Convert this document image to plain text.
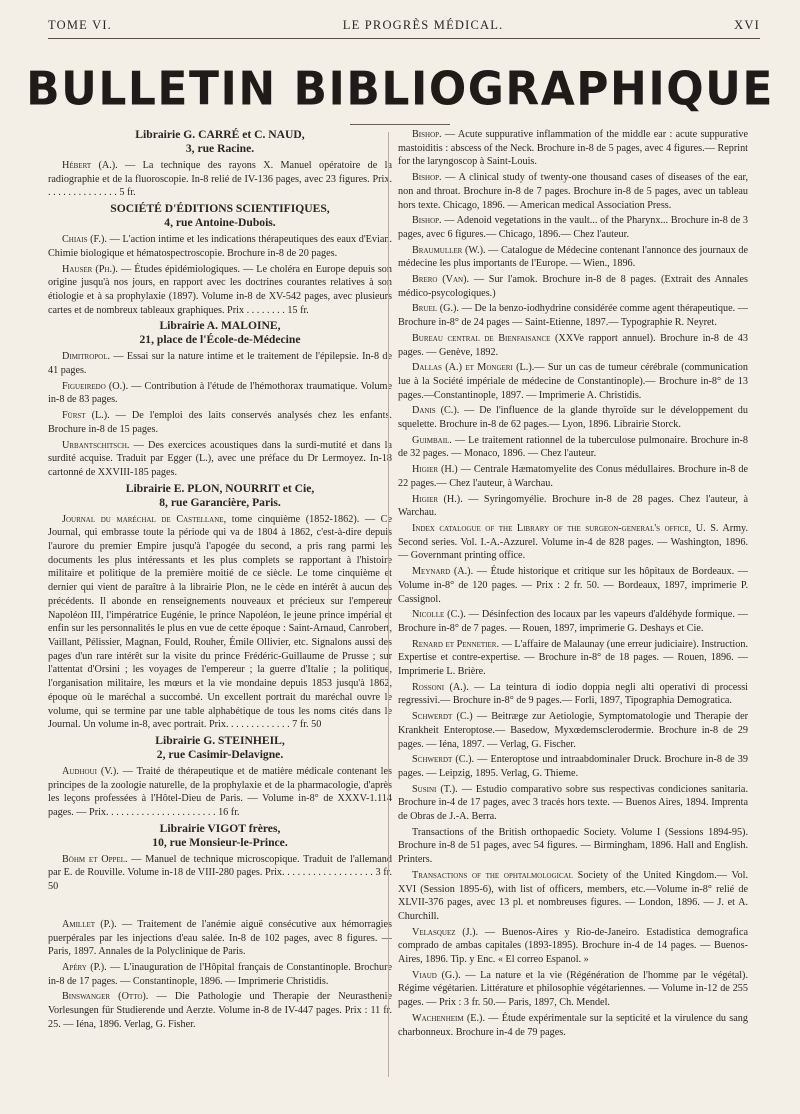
TOME VI.	LE PROGRÈS MÉDICAL.	XVI
BULLETIN BIBLIOGRAPHIQUE
Librairie G. CARRÉ et C. NAUD,
3, rue Racine.

Hébert (A.). — La technique des rayons X. Manuel opératoire de la radiographie et de la fluoroscopie. In-8 relié de IV-136 pages, avec 23 figures. Prix. . . . . . . . . . . . . . . 5 fr.

SOCIÉTÉ D'ÉDITIONS SCIENTIFIQUES,
4, rue Antoine-Dubois.

Chiais (F.). — L'action intime et les indications thérapeutiques des eaux d'Evian. Chimie biologique et hématospectroscopie. Brochure in-8 de 20 pages.

Hauser (Ph.). — Études épidémiologiques. — Le choléra en Europe depuis son origine jusqu'à nos jours, en rapport avec les doctrines courantes relatives à son étiologie et à sa prophylaxie (1897). Volume in-8 de XV-542 pages, avec plusieurs cartes et de nombreux tableaux graphiques. Prix . . . . . . . . 15 fr.

Librairie A. MALOINE,
21, place de l'École-de-Médecine

Dimitropol. — Essai sur la nature intime et le traitement de l'épilepsie. In-8 de 41 pages.

Figueiredo (O.). — Contribution à l'étude de l'hémothorax traumatique. Volume in-8 de 83 pages.

Fürst (L.). — De l'emploi des laits conservés analysés chez les enfants. Brochure in-8 de 15 pages.

Urbantschitsch. — Des exercices acoustiques dans la surdi-mutité et dans la surdité acquise. Traduit par Egger (L.), avec une préface du Dr Lermoyez. In-18 cartonné de XXVIII-185 pages.

Librairie E. PLON, NOURRIT et Cie,
8, rue Garancière, Paris.

Journal du maréchal de Castellane, tome cinquième (1852-1862). — Ce Journal, qui embrasse toute la période qui va de 1804 à 1862, c'est-à-dire depuis l'aurore du premier Empire jusqu'à l'apogée du second, a pris rang parmi les documents les plus intéressants et les plus complets se rapportant à l'histoire militaire et politique de la première moitié de ce siècle. Le tome cinquième et dernier qui vient de paraître à la librairie Plon, ne le cède en intérêt à aucun des précédents. Il abonde en renseignements nouveaux et précieux sur l'empereur Napoléon III, l'impératrice Eugénie, le prince Napoléon, le jeune prince impérial et enfin sur les personnalités le plus en vue de cette époque : Saint-Arnaud, Canrobert, Vaillant, Pélissier, Magnan, Fould, Rouher, Émile Ollivier, etc. Signalons aussi des pages d'un rare intérêt sur la visite du prince Frédéric-Guillaume de Prusse ; sur l'attentat d'Orsini ; les voyages de l'empereur ; la guerre d'Italie ; la politique, l'organisation militaire, les mœurs et la vie mondaine depuis 1853 jusqu'à 1862, époque où le maréchal a succombé. Un excellent portrait du maréchal ouvre le volume, qui se termine par une table alphabétique de tous les noms cités dans le Journal. Un volume in-8, avec portrait. Prix. . . . . . . . . . . . . 7 fr. 50

Librairie G. STEINHEIL,
2, rue Casimir-Delavigne.

Audhoui (V.). — Traité de thérapeutique et de matière médicale contenant les principes de la zoologie naturelle, de la prophylaxie et de la pharmacologie, d'après les leçons professées à l'Hôtel-Dieu de Paris. — Volume in-8° de XXXV-1.114 pages. — Prix. . . . . . . . . . . . . . . . . . . . . . 16 fr.

Librairie VIGOT frères,
10, rue Monsieur-le-Prince.

Böhm et Oppel. — Manuel de technique microscopique. Traduit de l'allemand par E. de Rouville. Volume in-18 de VIII-280 pages. Prix. . . . . . . . . . . . . . . . . . 3 fr. 50

Amillet (P.). — Traitement de l'anémie aiguë consécutive aux hémorragies puerpérales par les injections d'eau salée. In-8 de 102 pages, avec 8 figures. — Paris, 1897. Annales de la Polyclinique de Paris.

Apéry (P.). — L'inauguration de l'Hôpital français de Constantinople. Brochure in-8 de 17 pages. — Constantinople, 1896. — Imprimerie Christidis.

Binswanger (Otto). — Die Pathologie und Therapie der Neurasthenie Vorlesungen für Studierende und Aerzte. Volume in-8 de IV-447 pages. Prix : 11 fr. 25. — Iéna, 1896. Verlag, G. Fisher.

Bishop. — Acute suppurative inflammation of the middle ear : acute suppurative mastoiditis : abscess of the Neck. Brochure in-8 de 5 pages, avec 4 figures.— Reprint for the laryngoscop à Saint-Louis.

Bishop. — A clinical study of twenty-one thousand cases of diseases of the ear, non and throat. Brochure in-8 de 7 pages. Brochure in-8 de 5 pages, avec un tableau hors texte. Chicago, 1896. — American medical Association Press.

Bishop. — Adenoid vegetations in the vault... of the Pharynx... Brochure in-8 de 3 pages, avec 6 figures.— Chicago, 1896.— Chez l'auteur.

Braumuller (W.). — Catalogue de Médecine contenant l'annonce des journaux de médecine les plus importants de l'Europe. — Wien., 1896.

Brero (Van). — Sur l'amok. Brochure in-8 de 8 pages. (Extrait des Annales médico-psycologiques.)

Bruel (G.). — De la benzo-iodhydrine considérée comme agent thérapeutique. — Brochure in-8° de 24 pages — Saint-Etienne, 1897.— Typographie R. Neyret.

Bureau central de Bienfaisance (XXVe rapport annuel). Brochure in-8 de 43 pages. — Genève, 1892.

Dallas (A.) et Mongeri (L.).— Sur un cas de tumeur cérébrale (communication lue à la Société impériale de médecine de Constantinople).— Brochure in-8° de 13 pages.—Constantinople, 1897. — Imprimerie A. Christidis.

Danis (C.). — De l'influence de la glande thyroïde sur le développement du squelette. Brochure in-8 de 62 pages.— Lyon, 1896. Librairie Storck.

Guimbail. — Le traitement rationnel de la tuberculose pulmonaire. Brochure in-8 de 32 pages. — Monaco, 1896. — Chez l'auteur.

Higier (H.) — Centrale Hæmatomyelite des Conus médullaires. Brochure in-8 de 22 pages.— Chez l'auteur, à Warchau.

Higier (H.). — Syringomyélie. Brochure in-8 de 28 pages. Chez l'auteur, à Warchau.

Index catalogue of the Library of the surgeon-general's office, U. S. Army. Second series. Vol. I.-A.-Azzurel. Volume in-4 de 828 pages. — Washington, 1896. — Governmant printing office.

Meynard (A.). — Étude historique et critique sur les hôpitaux de Bordeaux. — Volume in-8° de 120 pages. — Prix : 2 fr. 50. — Bordeaux, 1897, imprimerie P. Cassignol.

Nicolle (C.). — Désinfection des locaux par les vapeurs d'aldéhyde formique. — Brochure in-8° de 7 pages. — Rouen, 1897, imprimerie G. Deshays et Cie.

Renard et Pennetier. — L'affaire de Malaunay (une erreur judiciaire). Instruction. Expertise et contre-expertise. — Brochure in-8° de 18 pages. — Rouen, 1896. — Imprimerie L. Brière.

Rossoni (A.). — La teintura di iodio doppia negli alti operativi di processi regressivi.— Brochure in-8° de 9 pages.— Forli, 1897, Tipographia Demogratica.

Schwerdt (C.) — Beitræge zur Aetiologie, Symptomatologie und Therapie der Krankheit Enteroptose.— Basedow, Myxœdemsclerodermie. Brochure in-8 de 29 pages. — Iéna, 1897. — Verlag, G. Fischer.

Schwerdt (C.). — Enteroptose und intraabdominaler Druck. Brochure in-8 de 39 pages. — Leipzig, 1895. Verlag, G. Thieme.

Susini (T.). — Estudio comparativo sobre sus respectivas condiciones sanitaria. Brochure in-4 de 17 pages, avec 3 tracés hors texte. — Buenos Aires, 1894. Imprenta de Obras de J.-A. Berra.

Transactions of the British orthopaedic Society. Volume I (Sessions 1894-95). Brochure in-8 de 51 pages, avec 54 figures. — Birmingham, 1896. Hall and English. Printers.

Transactions of the ophtalmological Society of the United Kingdom.— Vol. XVI (Session 1895-6), with list of officers, members, etc.—Volume in-8° relié de XLVII-376 pages, avec 13 pl. et nombreuses figures. — London, 1896. — J. et A. Churchill.

Velasquez (J.). — Buenos-Aires y Rio-de-Janeiro. Estadistica demografica comprado de ambas capitales (1893-1895). Brochure in-4 de 14 pages. — Buenos-Aires, 1896. Tip. y Enc. « El correo Espanol. »

Viaud (G.). — La nature et la vie (Régénération de l'homme par le végétal). Régime végétarien. Littérature et philosophie végétariennes. — Volume in-12 de 255 pages. — Prix : 3 fr. 50.— Paris, 1897, Ch. Mendel.

Wachenheim (E.). — Étude expérimentale sur la septicité et la virulence du sang charbonneux. Brochure in-4 de 79 pages.
